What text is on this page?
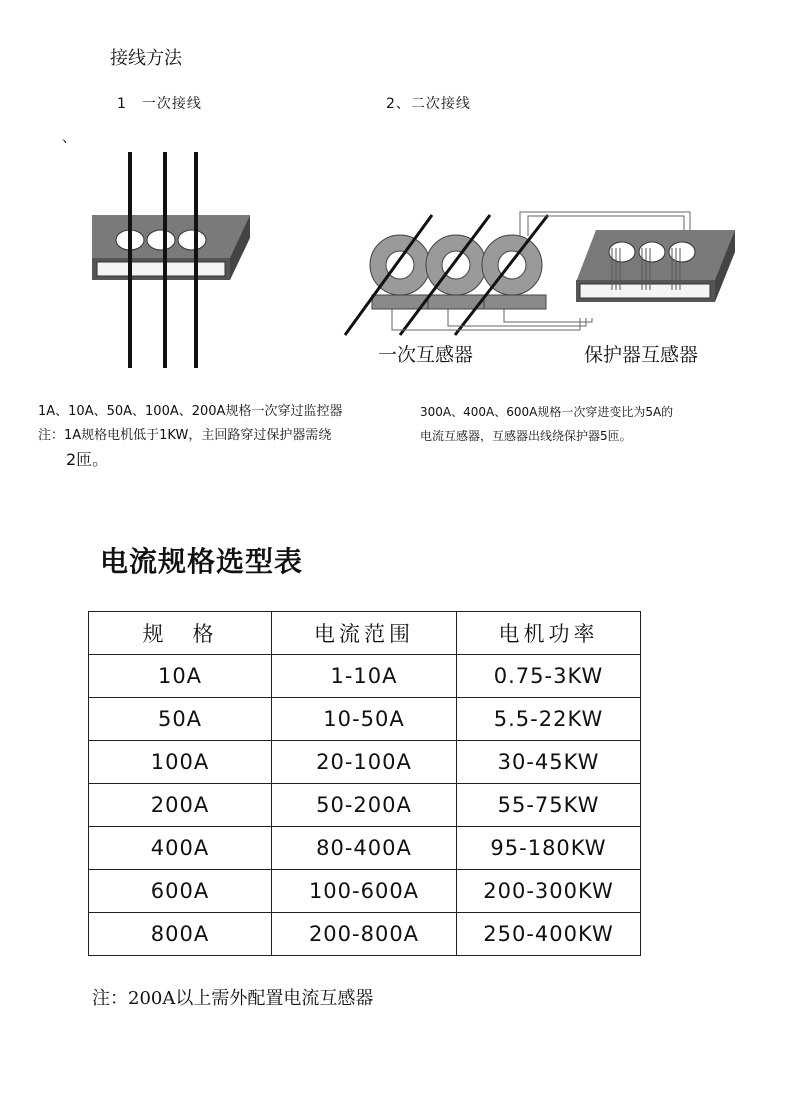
接线方法
1　一次接线	2、二次接线
、
一次互感器	保护器互感器
1A、10A、50A、100A、200A规格一次穿过监控器
注：1A规格电机低于1KW，主回路穿过保护器需绕
2匝。
300A、400A、600A规格一次穿进变比为5A的
电流互感器，互感器出线绕保护器5匝。
电流规格选型表
规　格	电流范围	电机功率
10A	1-10A	0.75-3KW
50A	10-50A	5.5-22KW
100A	20-100A	30-45KW
200A	50-200A	55-75KW
400A	80-400A	95-180KW
600A	100-600A	200-300KW
800A	200-800A	250-400KW
注：200A以上需外配置电流互感器
